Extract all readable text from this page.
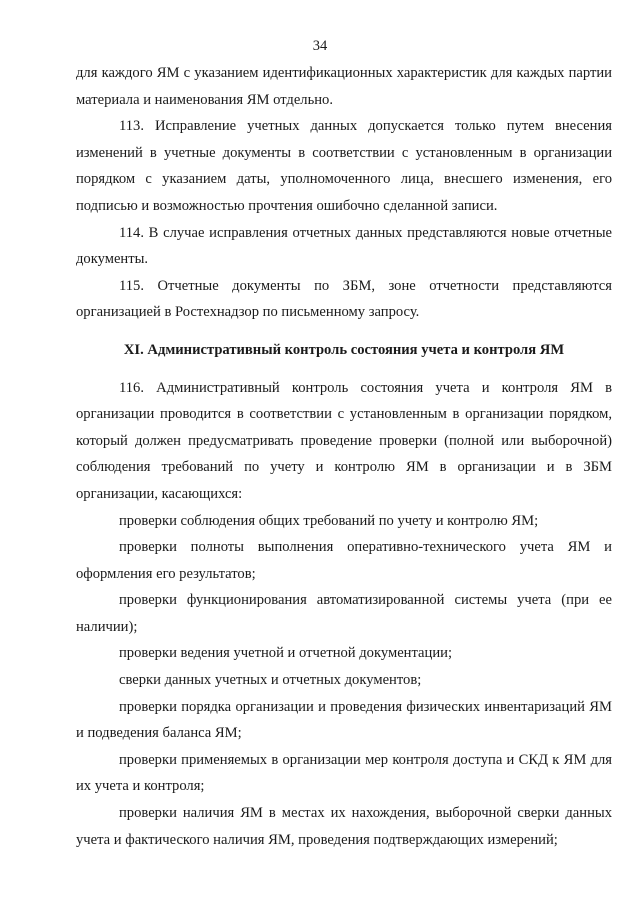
34

для каждого ЯМ с указанием идентификационных характеристик для каждых партии материала и наименования ЯМ отдельно.

113. Исправление учетных данных допускается только путем внесения изменений в учетные документы в соответствии с установленным в организации порядком с указанием даты, уполномоченного лица, внесшего изменения, его подписью и возможностью прочтения ошибочно сделанной записи.

114. В случае исправления отчетных данных представляются новые отчетные документы.

115. Отчетные документы по ЗБМ, зоне отчетности представляются организацией в Ростехнадзор по письменному запросу.

XI. Административный контроль состояния учета и контроля ЯМ

116. Административный контроль состояния учета и контроля ЯМ в организации проводится в соответствии с установленным в организации порядком, который должен предусматривать проведение проверки (полной или выборочной) соблюдения требований по учету и контролю ЯМ в организации и в ЗБМ организации, касающихся:

проверки соблюдения общих требований по учету и контролю ЯМ;

проверки полноты выполнения оперативно-технического учета ЯМ и оформления его результатов;

проверки функционирования автоматизированной системы учета (при ее наличии);

проверки ведения учетной и отчетной документации;

сверки данных учетных и отчетных документов;

проверки порядка организации и проведения физических инвентаризаций ЯМ и подведения баланса ЯМ;

проверки применяемых в организации мер контроля доступа и СКД к ЯМ для их учета и контроля;

проверки наличия ЯМ в местах их нахождения, выборочной сверки данных учета и фактического наличия ЯМ, проведения подтверждающих измерений;
